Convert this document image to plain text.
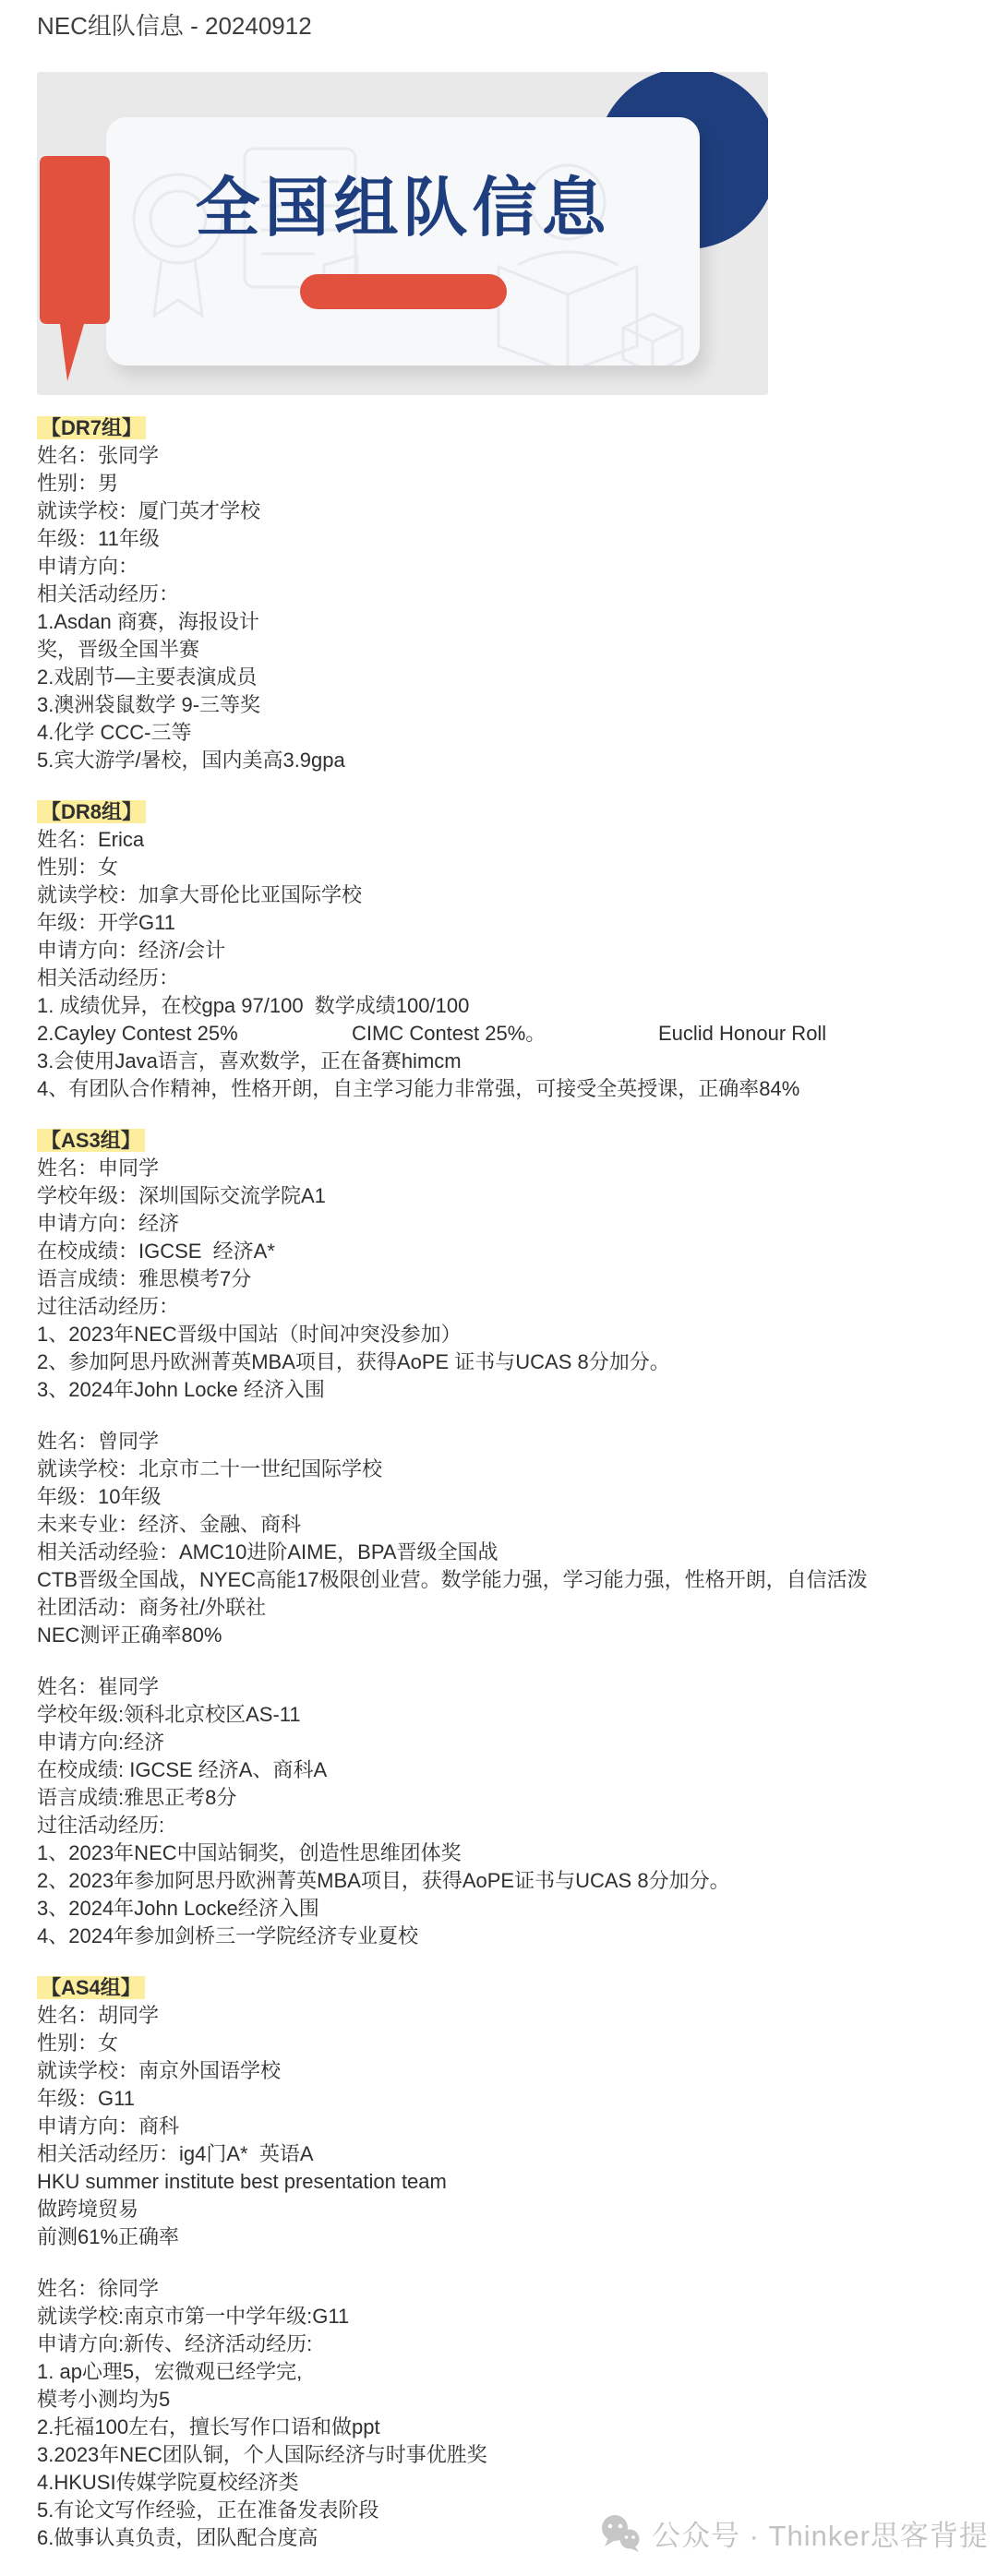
NEC组队信息 - 20240912
全国组队信息
【DR7组】
姓名：张同学
性别：男
就读学校：厦门英才学校
年级：11年级
申请方向：
相关活动经历：
1.Asdan 商赛，海报设计
奖，晋级全国半赛
2.戏剧节—主要表演成员
3.澳洲袋鼠数学 9-三等奖
4.化学 CCC-三等
5.宾大游学/暑校，国内美高3.9gpa
【DR8组】
姓名：Erica
性别：女
就读学校：加拿大哥伦比亚国际学校
年级：开学G11
申请方向：经济/会计
相关活动经历：
1. 成绩优异，在校gpa 97/100  数学成绩100/100
2.Cayley Contest 25%	CIMC Contest 25%。	Euclid Honour Roll
3.会使用Java语言，喜欢数学，正在备赛himcm
4、有团队合作精神，性格开朗，自主学习能力非常强，可接受全英授课，正确率84%
【AS3组】
姓名：申同学
学校年级：深圳国际交流学院A1
申请方向：经济
在校成绩：IGCSE  经济A*
语言成绩：雅思模考7分
过往活动经历：
1、2023年NEC晋级中国站（时间冲突没参加）
2、参加阿思丹欧洲菁英MBA项目，获得AoPE 证书与UCAS 8分加分。
3、2024年John Locke 经济入围
姓名：曾同学
就读学校：北京市二十一世纪国际学校
年级：10年级
未来专业：经济、金融、商科
相关活动经验：AMC10进阶AIME，BPA晋级全国战
CTB晋级全国战，NYEC高能17极限创业营。数学能力强，学习能力强，性格开朗，自信活泼
社团活动：商务社/外联社
NEC测评正确率80%
姓名：崔同学
学校年级:领科北京校区AS-11
申请方向:经济
在校成绩: IGCSE 经济A、商科A
语言成绩:雅思正考8分
过往活动经历:
1、2023年NEC中国站铜奖，创造性思维团体奖
2、2023年参加阿思丹欧洲菁英MBA项目，获得AoPE证书与UCAS 8分加分。
3、2024年John Locke经济入围
4、2024年参加剑桥三一学院经济专业夏校
【AS4组】
姓名：胡同学
性别：女
就读学校：南京外国语学校
年级：G11
申请方向：商科
相关活动经历：ig4门A*  英语A
HKU summer institute best presentation team
做跨境贸易
前测61%正确率
姓名：徐同学
就读学校:南京市第一中学年级:G11
申请方向:新传、经济活动经历:
1. ap心理5，宏微观已经学完,
模考小测均为5
2.托福100左右，擅长写作口语和做ppt
3.2023年NEC团队铜，个人国际经济与时事优胜奖
4.HKUSI传媒学院夏校经济类
5.有论文写作经验，正在准备发表阶段
6.做事认真负责，团队配合度高	公众号 · Thinker思客背提
